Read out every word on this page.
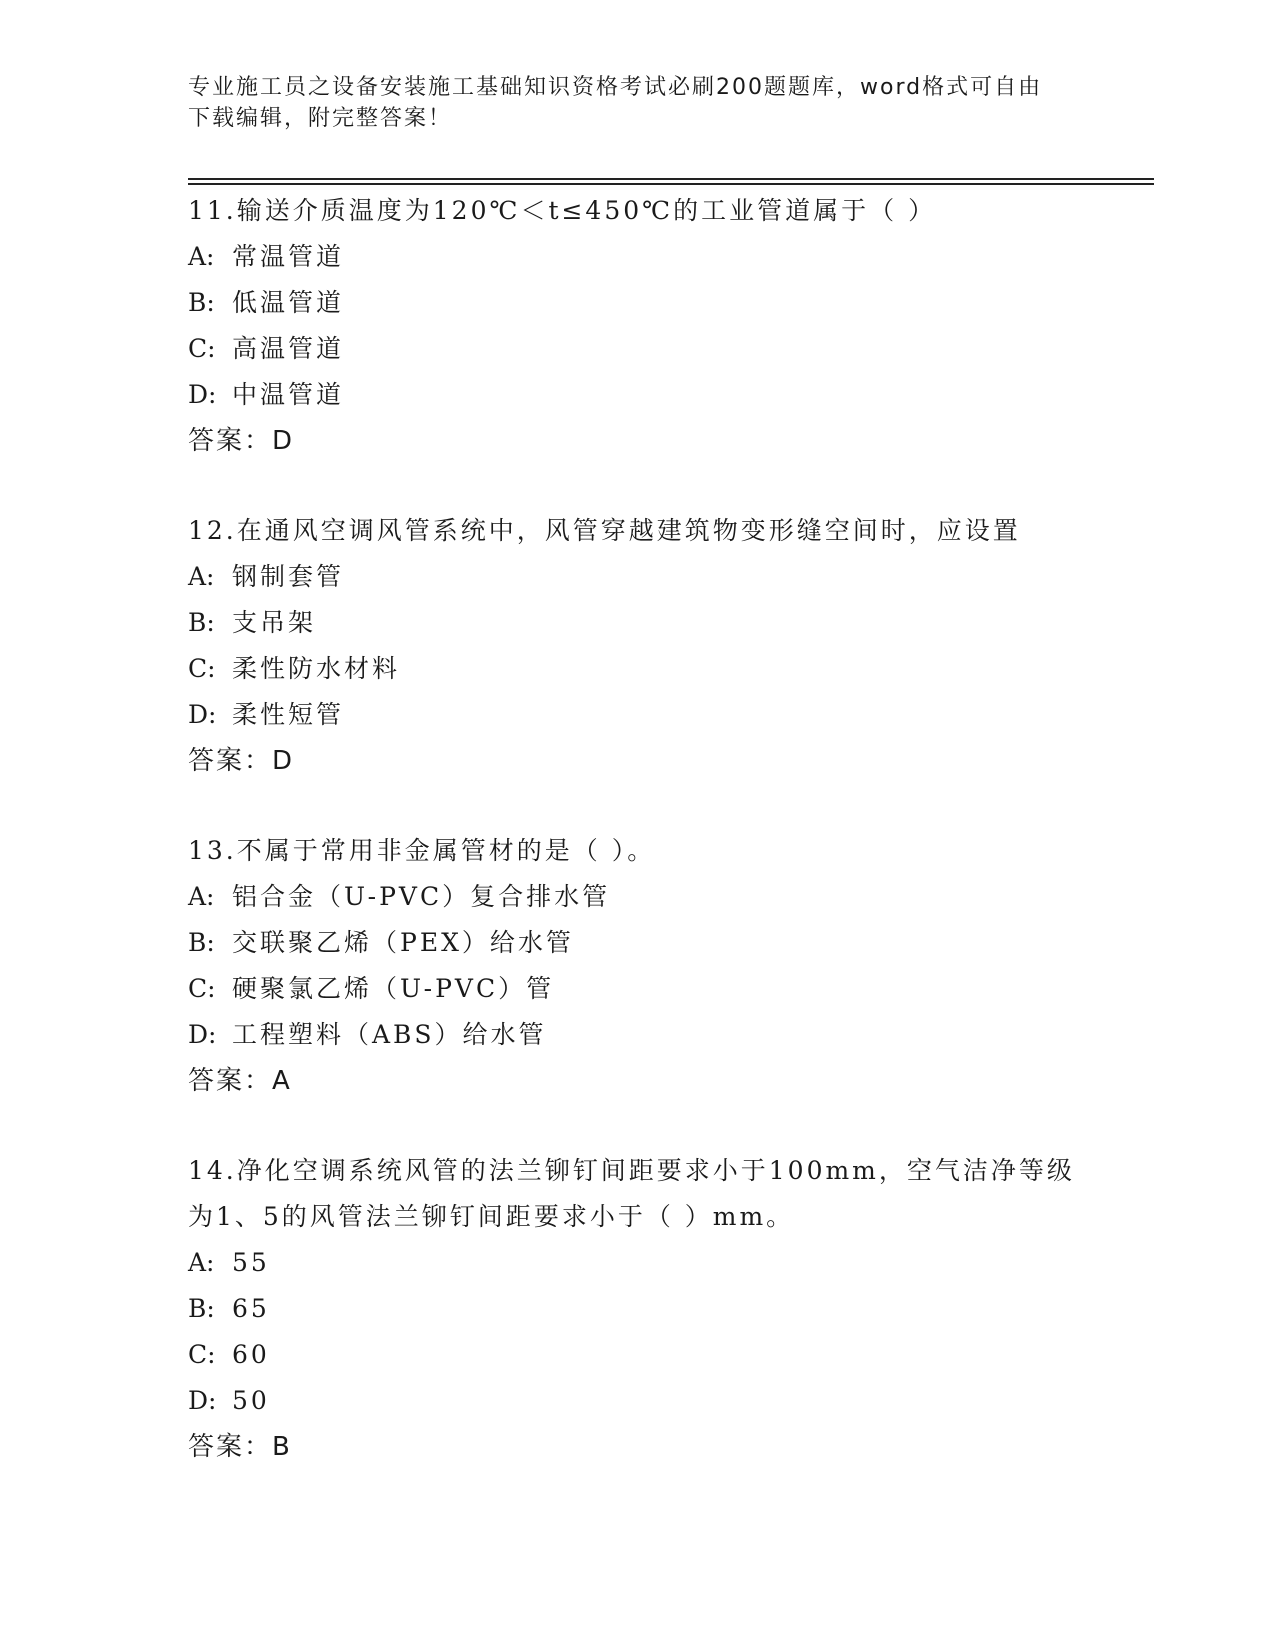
专业施工员之设备安装施工基础知识资格考试必刷200题题库，word格式可自由
下载编辑，附完整答案！
11.输送介质温度为120℃＜t≤450℃的工业管道属于（ ）
A: 常温管道
B: 低温管道
C: 高温管道
D: 中温管道
答案：D
12.在通风空调风管系统中，风管穿越建筑物变形缝空间时，应设置
A: 钢制套管
B: 支吊架
C: 柔性防水材料
D: 柔性短管
答案：D
13.不属于常用非金属管材的是（ ）。
A: 铝合金（U-PVC）复合排水管
B: 交联聚乙烯（PEX）给水管
C: 硬聚氯乙烯（U-PVC）管
D: 工程塑料（ABS）给水管
答案：A
14.净化空调系统风管的法兰铆钉间距要求小于100mm，空气洁净等级
为1、5的风管法兰铆钉间距要求小于（ ）mm。
A: 55
B: 65
C: 60
D: 50
答案：B
